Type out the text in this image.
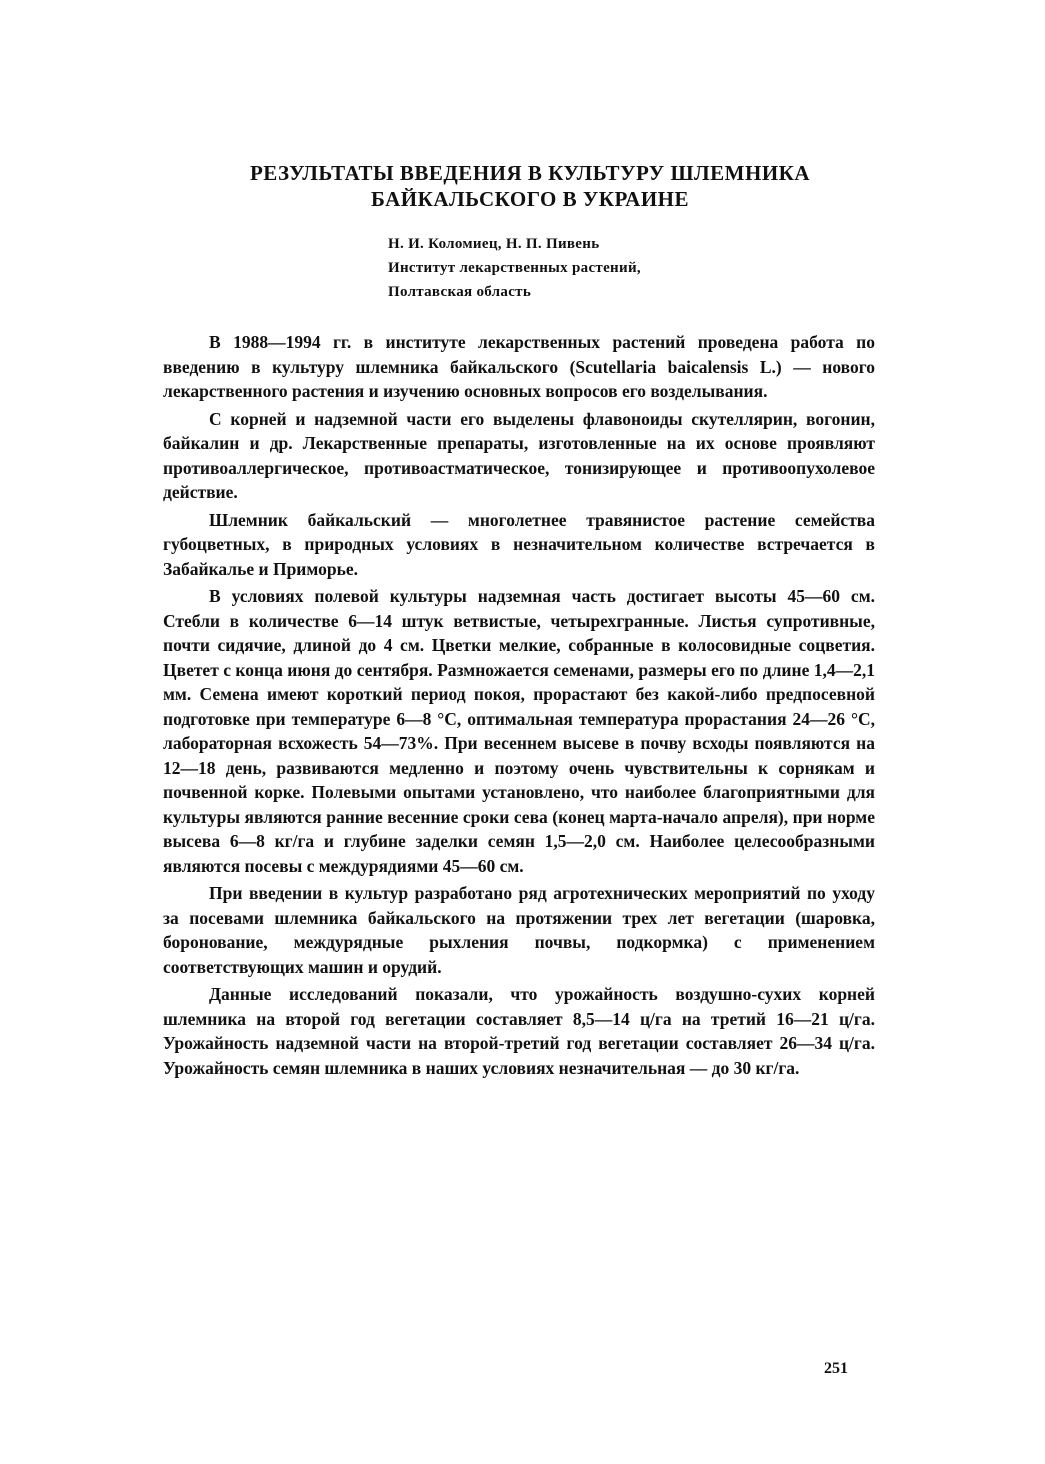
РЕЗУЛЬТАТЫ ВВЕДЕНИЯ В КУЛЬТУРУ ШЛЕМНИКА
БАЙКАЛЬСКОГО В УКРАИНЕ
Н. И. Коломиец, Н. П. Пивень
Институт лекарственных растений,
Полтавская область

В 1988—1994 гг. в институте лекарственных растений проведена работа по введению в культуру шлемника байкальского (Scutellaria baicalensis L.) — нового лекарственного растения и изучению основных вопросов его возделывания.

С корней и надземной части его выделены флавоноиды скутеллярин, вогонин, байкалин и др. Лекарственные препараты, изготовленные на их основе проявляют противоаллергическое, противоастматическое, тонизирующее и противоопухолевое действие.

Шлемник байкальский — многолетнее травянистое растение семейства губоцветных, в природных условиях в незначительном количестве встречается в Забайкалье и Приморье.

В условиях полевой культуры надземная часть достигает высоты 45—60 см. Стебли в количестве 6—14 штук ветвистые, четырехгранные. Листья супротивные, почти сидячие, длиной до 4 см. Цветки мелкие, собранные в колосовидные соцветия. Цветет с конца июня до сентября. Размножается семенами, размеры его по длине 1,4—2,1 мм. Семена имеют короткий период покоя, прорастают без какой-либо предпосевной подготовке при температуре 6—8 °С, оптимальная температура прорастания 24—26 °С, лабораторная всхожесть 54—73%. При весеннем высеве в почву всходы появляются на 12—18 день, развиваются медленно и поэтому очень чувствительны к сорнякам и почвенной корке. Полевыми опытами установлено, что наиболее благоприятными для культуры являются ранние весенние сроки сева (конец марта-начало апреля), при норме высева 6—8 кг/га и глубине заделки семян 1,5—2,0 см. Наиболее целесообразными являются посевы с междурядиями 45—60 см.

При введении в культур разработано ряд агротехнических мероприятий по уходу за посевами шлемника байкальского на протяжении трех лет вегетации (шаровка, боронование, междурядные рыхления почвы, подкормка) с применением соответствующих машин и орудий.

Данные исследований показали, что урожайность воздушно-сухих корней шлемника на второй год вегетации составляет 8,5—14 ц/га на третий 16—21 ц/га. Урожайность надземной части на второй-третий год вегетации составляет 26—34 ц/га. Урожайность семян шлемника в наших условиях незначительная — до 30 кг/га.

251
